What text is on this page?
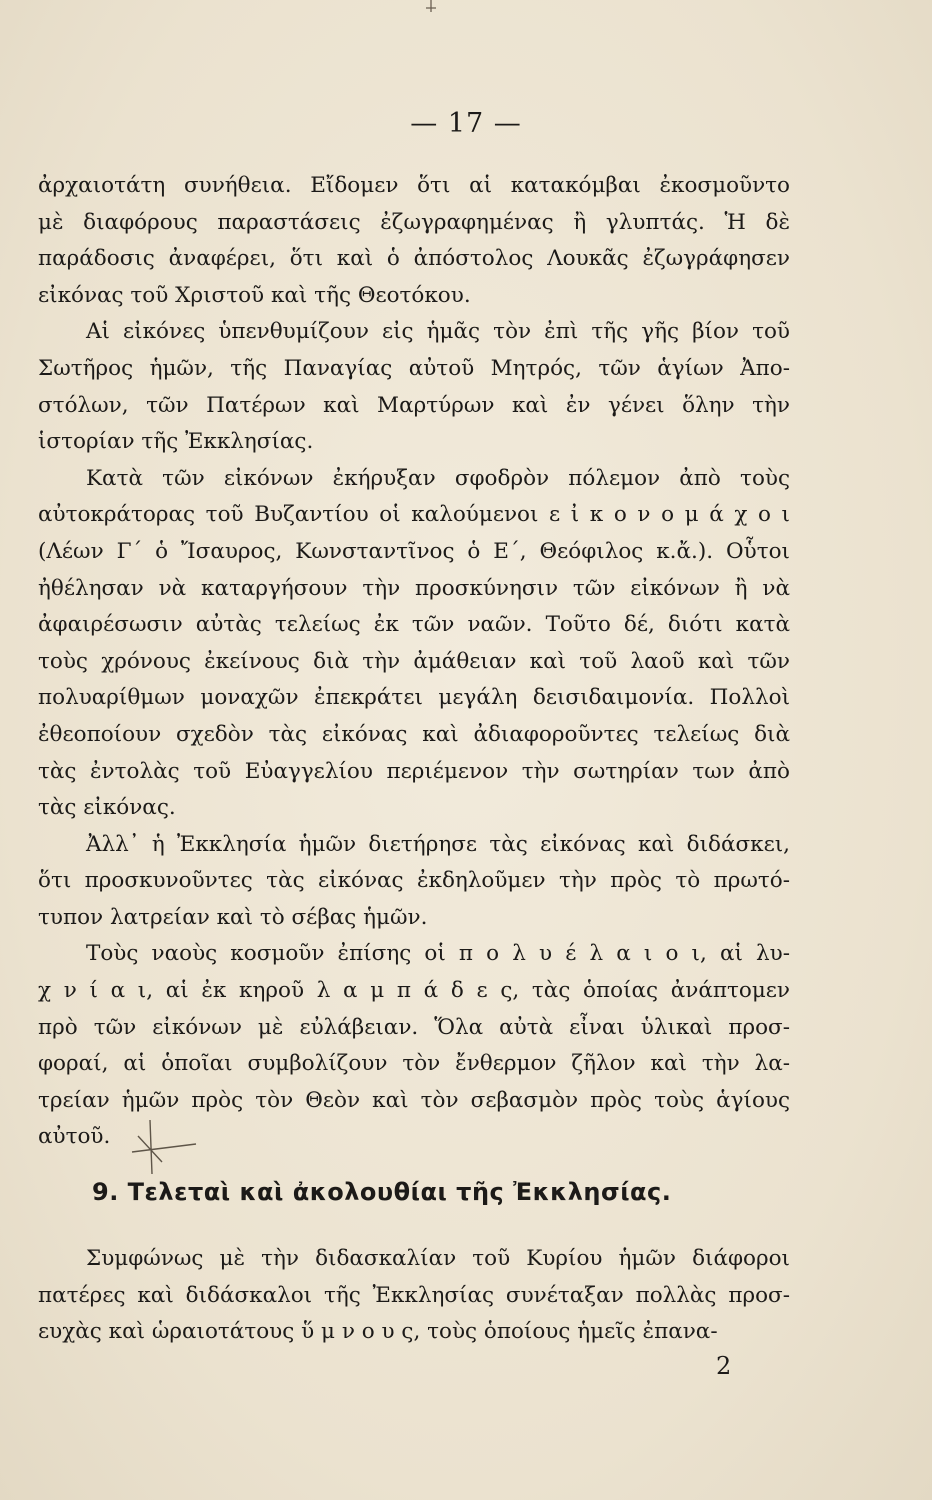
— 17 —
ἀρχαιοτάτη συνήθεια. Εἴδομεν ὅτι αἱ κατακόμβαι ἐκοσμοῦντο
μὲ διαφόρους παραστάσεις ἐζωγραφημένας ἢ γλυπτάς. Ἡ δὲ
παράδοσις ἀναφέρει, ὅτι καὶ ὁ ἀπόστολος Λουκᾶς ἐζωγράφησεν
εἰκόνας τοῦ Χριστοῦ καὶ τῆς Θεοτόκου.
Αἱ εἰκόνες ὑπενθυμίζουν εἰς ἡμᾶς τὸν ἐπὶ τῆς γῆς βίον τοῦ
Σωτῆρος ἡμῶν, τῆς Παναγίας αὐτοῦ Μητρός, τῶν ἁγίων Ἀπο-
στόλων, τῶν Πατέρων καὶ Μαρτύρων καὶ ἐν γένει ὅλην τὴν
ἱστορίαν τῆς Ἐκκλησίας.
Κατὰ τῶν εἰκόνων ἐκήρυξαν σφοδρὸν πόλεμον ἀπὸ τοὺς
αὐτοκράτορας τοῦ Βυζαντίου οἱ καλούμενοι ε ἰ κ ο ν ο μ ά χ ο ι
(Λέων Γ΄ ὁ Ἴσαυρος, Κωνσταντῖνος ὁ Ε΄, Θεόφιλος κ.ἄ.). Οὗτοι
ἠθέλησαν νὰ καταργήσουν τὴν προσκύνησιν τῶν εἰκόνων ἢ νὰ
ἀφαιρέσωσιν αὐτὰς τελείως ἐκ τῶν ναῶν. Τοῦτο δέ, διότι κατὰ
τοὺς χρόνους ἐκείνους διὰ τὴν ἀμάθειαν καὶ τοῦ λαοῦ καὶ τῶν
πολυαρίθμων μοναχῶν ἐπεκράτει μεγάλη δεισιδαιμονία. Πολλοὶ
ἐθεοποίουν σχεδὸν τὰς εἰκόνας καὶ ἀδιαφοροῦντες τελείως διὰ
τὰς ἐντολὰς τοῦ Εὐαγγελίου περιέμενον τὴν σωτηρίαν των ἀπὸ
τὰς εἰκόνας.
Ἀλλ᾽ ἡ Ἐκκλησία ἡμῶν διετήρησε τὰς εἰκόνας καὶ διδάσκει,
ὅτι προσκυνοῦντες τὰς εἰκόνας ἐκδηλοῦμεν τὴν πρὸς τὸ πρωτό-
τυπον λατρείαν καὶ τὸ σέβας ἡμῶν.
Τοὺς ναοὺς κοσμοῦν ἐπίσης οἱ π ο λ υ έ λ α ι ο ι, αἱ λυ-
χ ν ί α ι, αἱ ἐκ κηροῦ λ α μ π ά δ ε ς, τὰς ὁποίας ἀνάπτομεν
πρὸ τῶν εἰκόνων μὲ εὐλάβειαν. Ὅλα αὐτὰ εἶναι ὑλικαὶ προσ-
φοραί, αἱ ὁποῖαι συμβολίζουν τὸν ἔνθερμον ζῆλον καὶ τὴν λα-
τρείαν ἡμῶν πρὸς τὸν Θεὸν καὶ τὸν σεβασμὸν πρὸς τοὺς ἁγίους
αὐτοῦ.
9. Τελεταὶ καὶ ἀκολουθίαι τῆς Ἐκκλησίας.
Συμφώνως μὲ τὴν διδασκαλίαν τοῦ Κυρίου ἡμῶν διάφοροι
πατέρες καὶ διδάσκαλοι τῆς Ἐκκλησίας συνέταξαν πολλὰς προσ-
ευχὰς καὶ ὡραιοτάτους ὕ μ ν ο υ ς, τοὺς ὁποίους ἡμεῖς ἐπανα-
2
